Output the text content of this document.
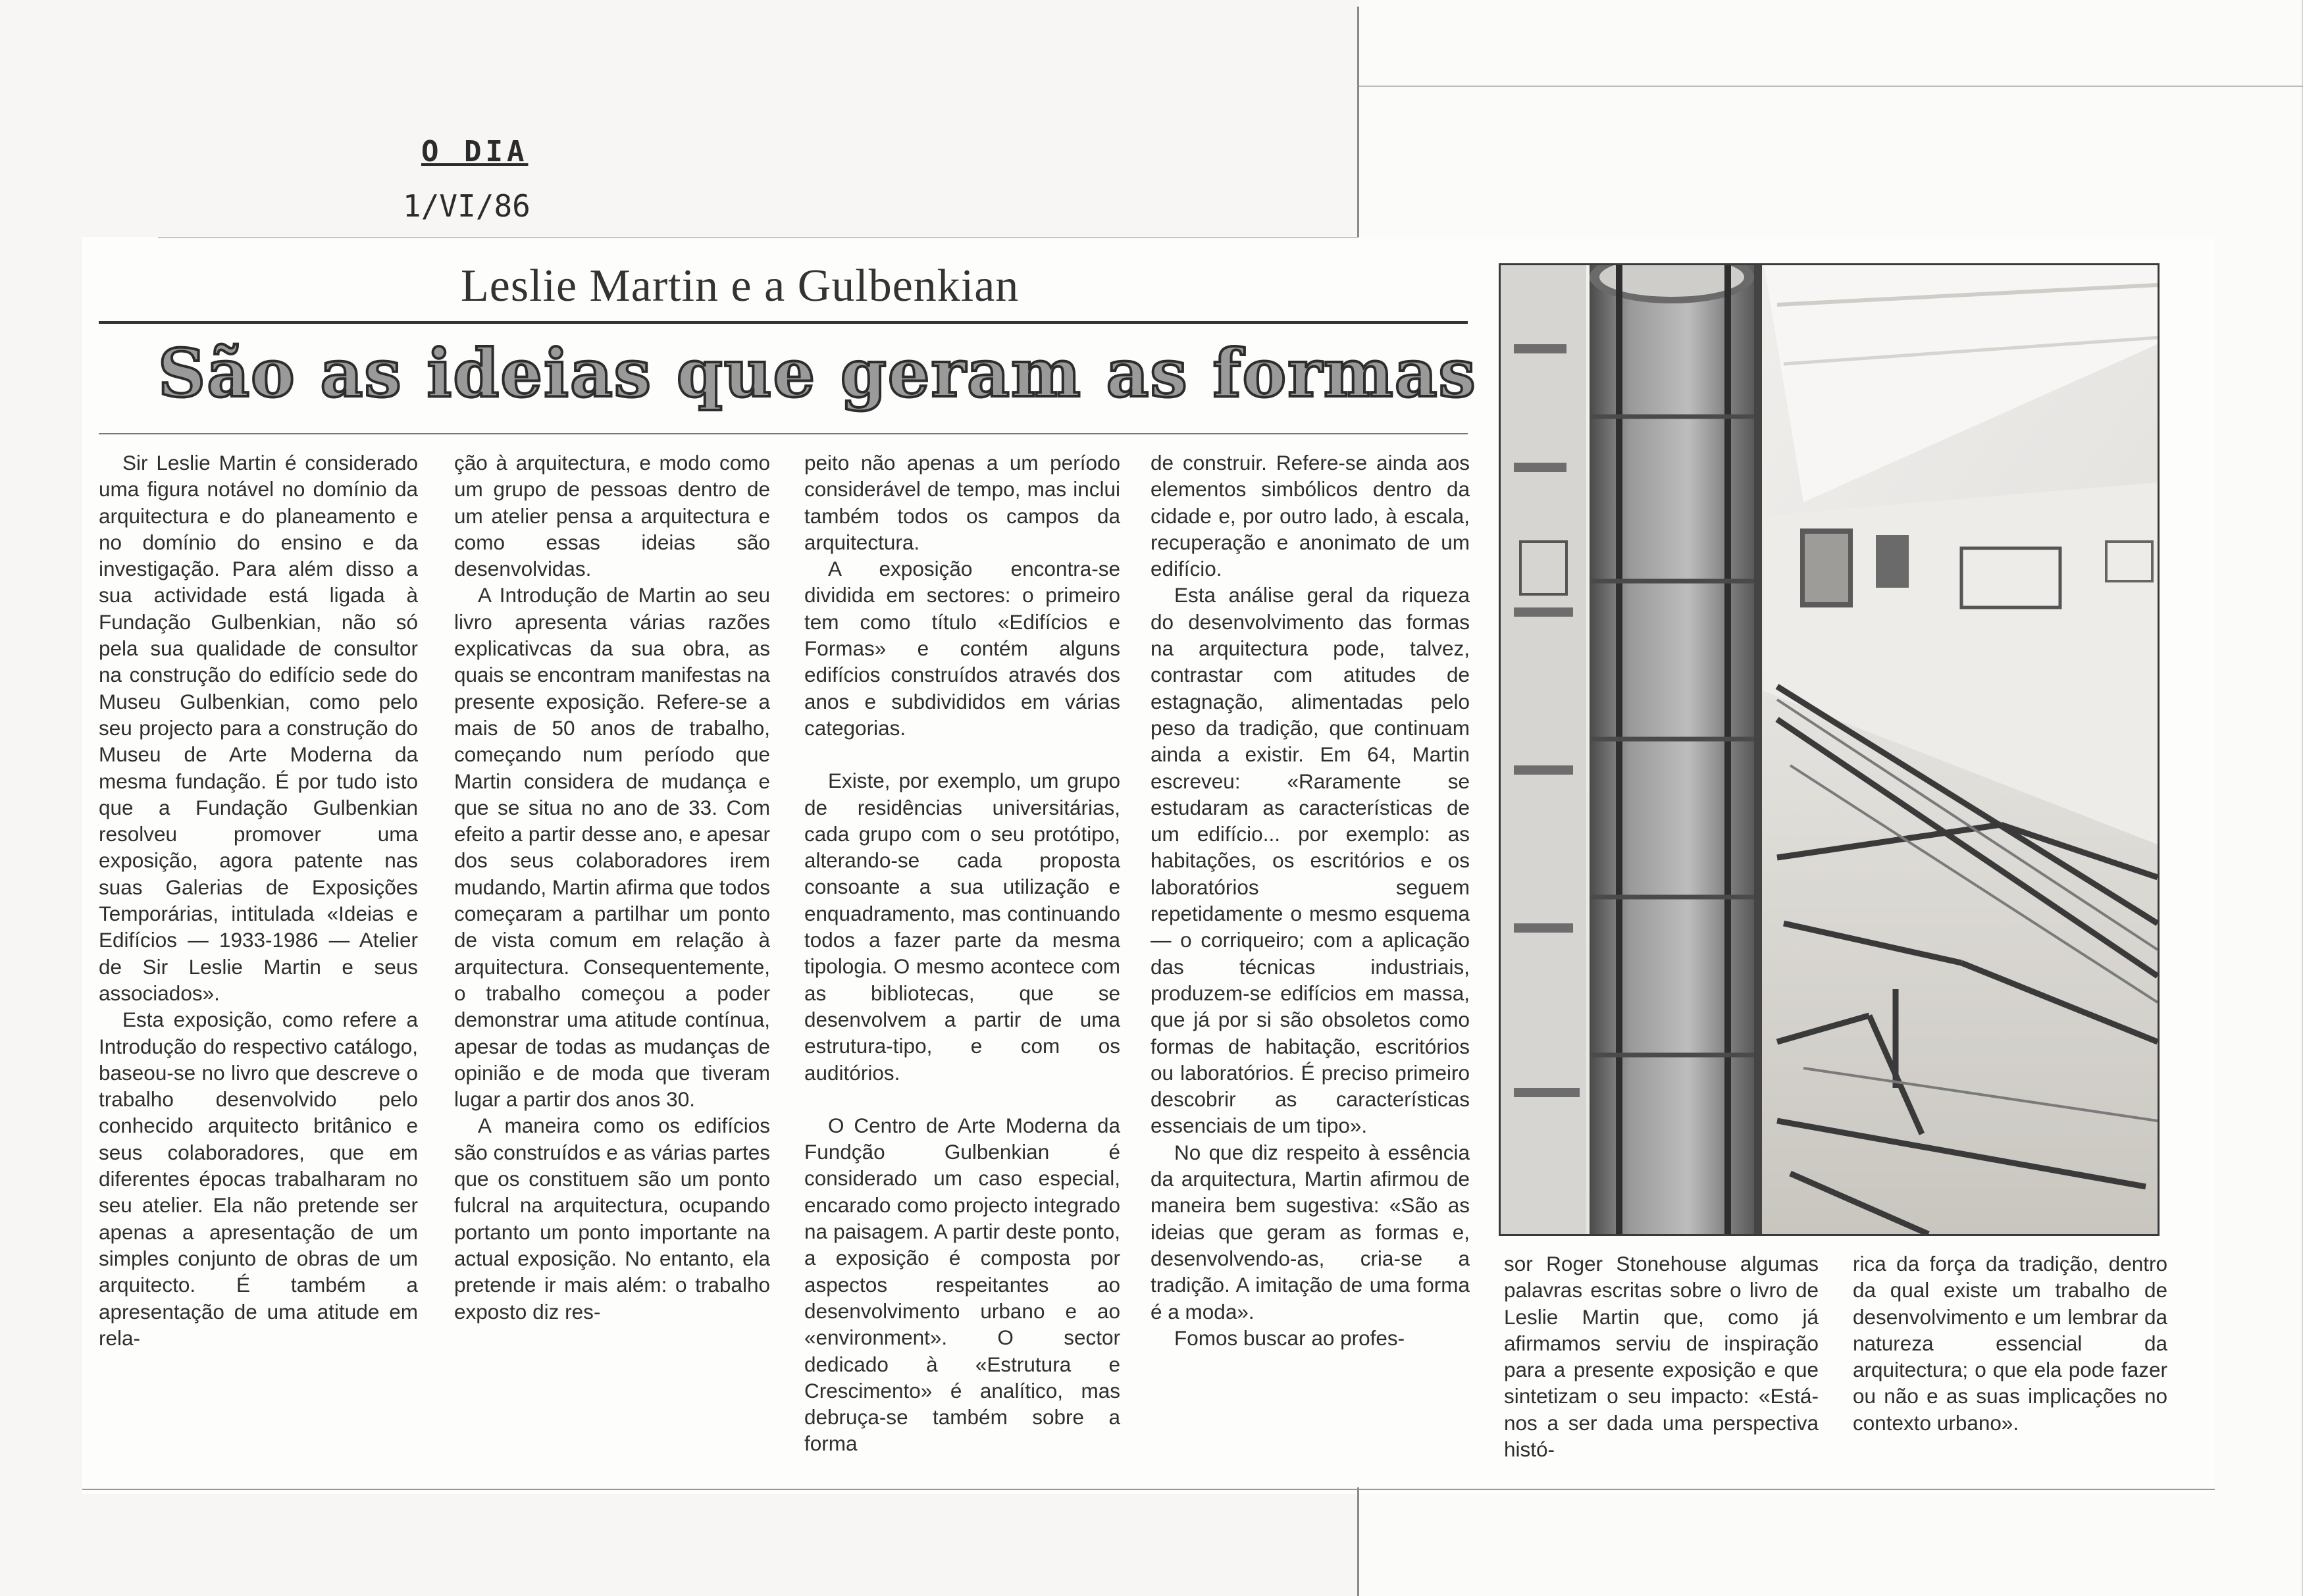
O DIA
1/VI/86
Leslie Martin e a Gulbenkian
São as ideias que geram as formas

Sir Leslie Martin é considerado uma figura notável no domínio da arquitectura e do planeamento e no domínio do ensino e da investigação. Para além disso a sua actividade está ligada à Fundação Gulbenkian, não só pela sua qualidade de consultor na construção do edifício sede do Museu Gulbenkian, como pelo seu projecto para a construção do Museu de Arte Moderna da mesma fundação. É por tudo isto que a Fundação Gulbenkian resolveu promover uma exposição, agora patente nas suas Galerias de Exposições Temporárias, intitulada «Ideias e Edifícios — 1933-1986 — Atelier de Sir Leslie Martin e seus associados».

Esta exposição, como refere a Introdução do respectivo catálogo, baseou-se no livro que descreve o trabalho desenvolvido pelo conhecido arquitecto britânico e seus colaboradores, que em diferentes épocas trabalharam no seu atelier. Ela não pretende ser apenas a apresentação de um simples conjunto de obras de um arquitecto. É também a apresentação de uma atitude em rela-

ção à arquitectura, e modo como um grupo de pessoas dentro de um atelier pensa a arquitectura e como essas ideias são desenvolvidas.

A Introdução de Martin ao seu livro apresenta várias razões explicativcas da sua obra, as quais se encontram manifestas na presente exposição. Refere-se a mais de 50 anos de trabalho, começando num período que Martin considera de mudança e que se situa no ano de 33. Com efeito a partir desse ano, e apesar dos seus colaboradores irem mudando, Martin afirma que todos começaram a partilhar um ponto de vista comum em relação à arquitectura. Consequentemente, o trabalho começou a poder demonstrar uma atitude contínua, apesar de todas as mudanças de opinião e de moda que tiveram lugar a partir dos anos 30.

A maneira como os edifícios são construídos e as várias partes que os constituem são um ponto fulcral na arquitectura, ocupando portanto um ponto importante na actual exposição. No entanto, ela pretende ir mais além: o trabalho exposto diz res-

peito não apenas a um período considerável de tempo, mas inclui também todos os campos da arquitectura.

A exposição encontra-se dividida em sectores: o primeiro tem como título «Edifícios e Formas» e contém alguns edifícios construídos através dos anos e subdivididos em várias categorias.

Existe, por exemplo, um grupo de residências universitárias, cada grupo com o seu protótipo, alterando-se cada proposta consoante a sua utilização e enquadramento, mas continuando todos a fazer parte da mesma tipologia. O mesmo acontece com as bibliotecas, que se desenvolvem a partir de uma estrutura-tipo, e com os auditórios.

O Centro de Arte Moderna da Fundção Gulbenkian é considerado um caso especial, encarado como projecto integrado na paisagem. A partir deste ponto, a exposição é composta por aspectos respeitantes ao desenvolvimento urbano e ao «environment». O sector dedicado à «Estrutura e Crescimento» é analítico, mas debruça-se também sobre a forma

de construir. Refere-se ainda aos elementos simbólicos dentro da cidade e, por outro lado, à escala, recuperação e anonimato de um edifício.

Esta análise geral da riqueza do desenvolvimento das formas na arquitectura pode, talvez, contrastar com atitudes de estagnação, alimentadas pelo peso da tradição, que continuam ainda a existir. Em 64, Martin escreveu: «Raramente se estudaram as características de um edifício... por exemplo: as habitações, os escritórios e os laboratórios seguem repetidamente o mesmo esquema — o corriqueiro; com a aplicação das técnicas industriais, produzem-se edifícios em massa, que já por si são obsoletos como formas de habitação, escritórios ou laboratórios. É preciso primeiro descobrir as características essenciais de um tipo».

No que diz respeito à essência da arquitectura, Martin afirmou de maneira bem sugestiva: «São as ideias que geram as formas e, desenvolvendo-as, cria-se a tradição. A imitação de uma forma é a moda».

Fomos buscar ao profes-

sor Roger Stonehouse algumas palavras escritas sobre o livro de Leslie Martin que, como já afirmamos serviu de inspiração para a presente exposição e que sintetizam o seu impacto: «Está-nos a ser dada uma perspectiva histó-

rica da força da tradição, dentro da qual existe um trabalho de desenvolvimento e um lembrar da natureza essencial da arquitectura; o que ela pode fazer ou não e as suas implicações no contexto urbano».
